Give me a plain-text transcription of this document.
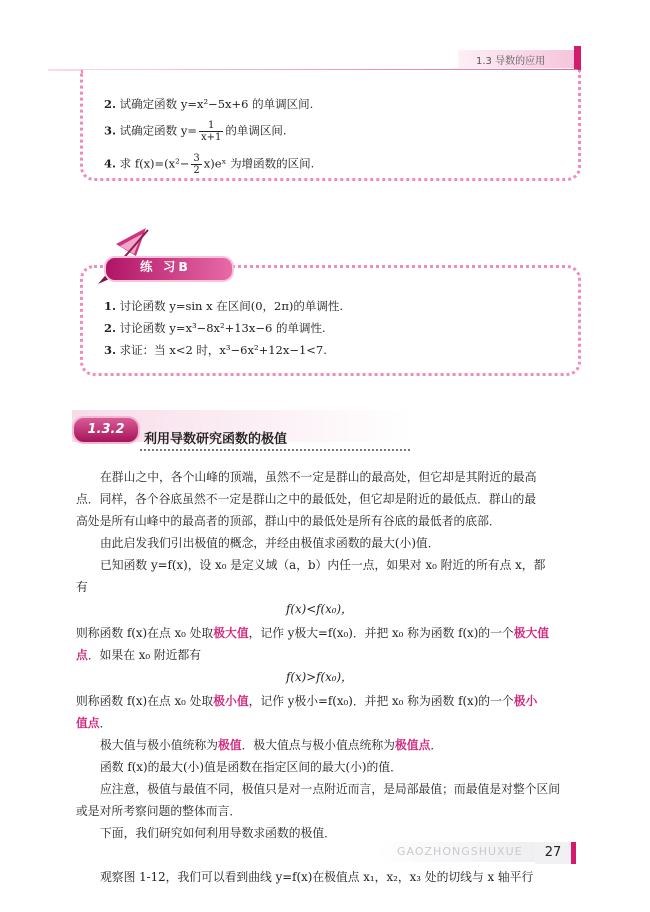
1.3 导数的应用
2. 试确定函数 y=x²−5x+6 的单调区间.
3. 试确定函数 $y= \frac{1}{x+1}$ 的单调区间.
4. 求 $f(x)=(x^2- \frac{3}{2}$ x)eˣ 为增函数的区间.
练 习B
1. 讨论函数 y=sin x 在区间(0，2π)的单调性.
2. 讨论函数 y=x³−8x²+13x−6 的单调性.
3. 求证：当 x<2 时，x³−6x²+12x−1<7.
1.3.2
利用导数研究函数的极值
在群山之中，各个山峰的顶端，虽然不一定是群山的最高处，但它却是其附近的最高
点．同样，各个谷底虽然不一定是群山之中的最低处，但它却是附近的最低点．群山的最
高处是所有山峰中的最高者的顶部，群山中的最低处是所有谷底的最低者的底部．
由此启发我们引出极值的概念，并经由极值求函数的最大(小)值．
已知函数 y=f(x)，设 x₀ 是定义域（a，b）内任一点，如果对 x₀ 附近的所有点 x，都
有
f(x)<f(x₀)，
则称函数 f(x)在点 x₀ 处取极大值，记作 y极大=f(x₀)．并把 x₀ 称为函数 f(x)的一个极大值
点．如果在 x₀ 附近都有
f(x)>f(x₀)，
则称函数 f(x)在点 x₀ 处取极小值，记作 y极小=f(x₀)．并把 x₀ 称为函数 f(x)的一个极小
值点．
极大值与极小值统称为极值．极大值点与极小值点统称为极值点．
函数 f(x)的最大(小)值是函数在指定区间的最大(小)的值．
应注意，极值与最值不同，极值只是对一点附近而言，是局部最值；而最值是对整个区间
或是对所考察问题的整体而言．
下面，我们研究如何利用导数求函数的极值．
观察图 1-12，我们可以看到曲线 y=f(x)在极值点 x₁，x₂，x₃ 处的切线与 x 轴平行
GAOZHONGSHUXUE	27
